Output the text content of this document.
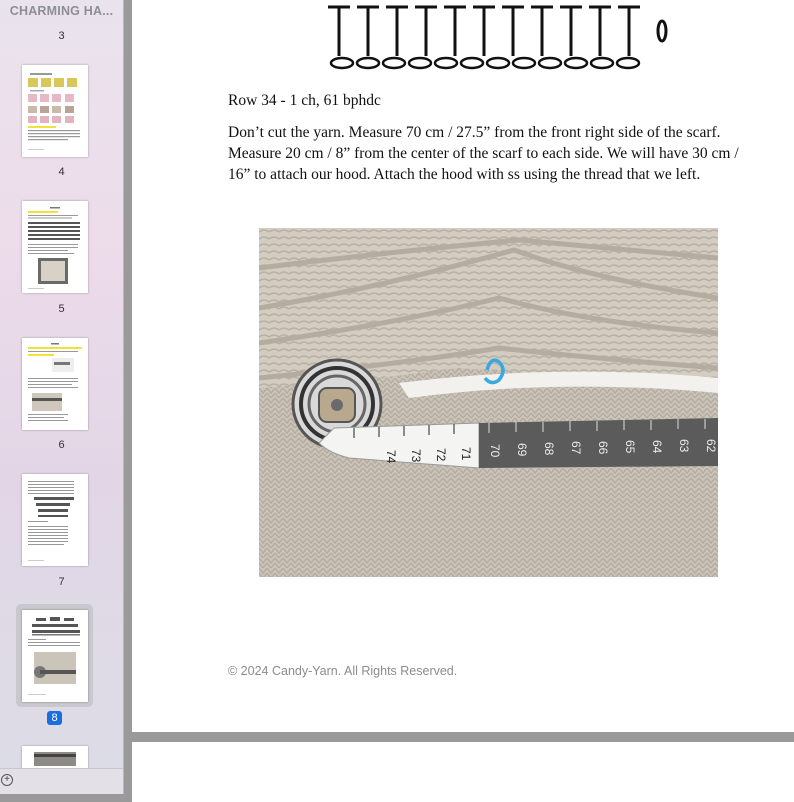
CHARMING HA...
3
4
5
6
7
8
+
Row 34 - 1 ch, 61 bphdc

Don’t cut the yarn. Measure 70 cm / 27.5” from the front right side of the scarf. Measure 20 cm / 8” from the center of the scarf to each side. We will have 30 cm / 16” to attach our hood. Attach the hood with ss using the thread that we left.

74 73 72 71 70 69 68 67 66 65 64 63 62
© 2024 Candy-Yarn. All Rights Reserved.
